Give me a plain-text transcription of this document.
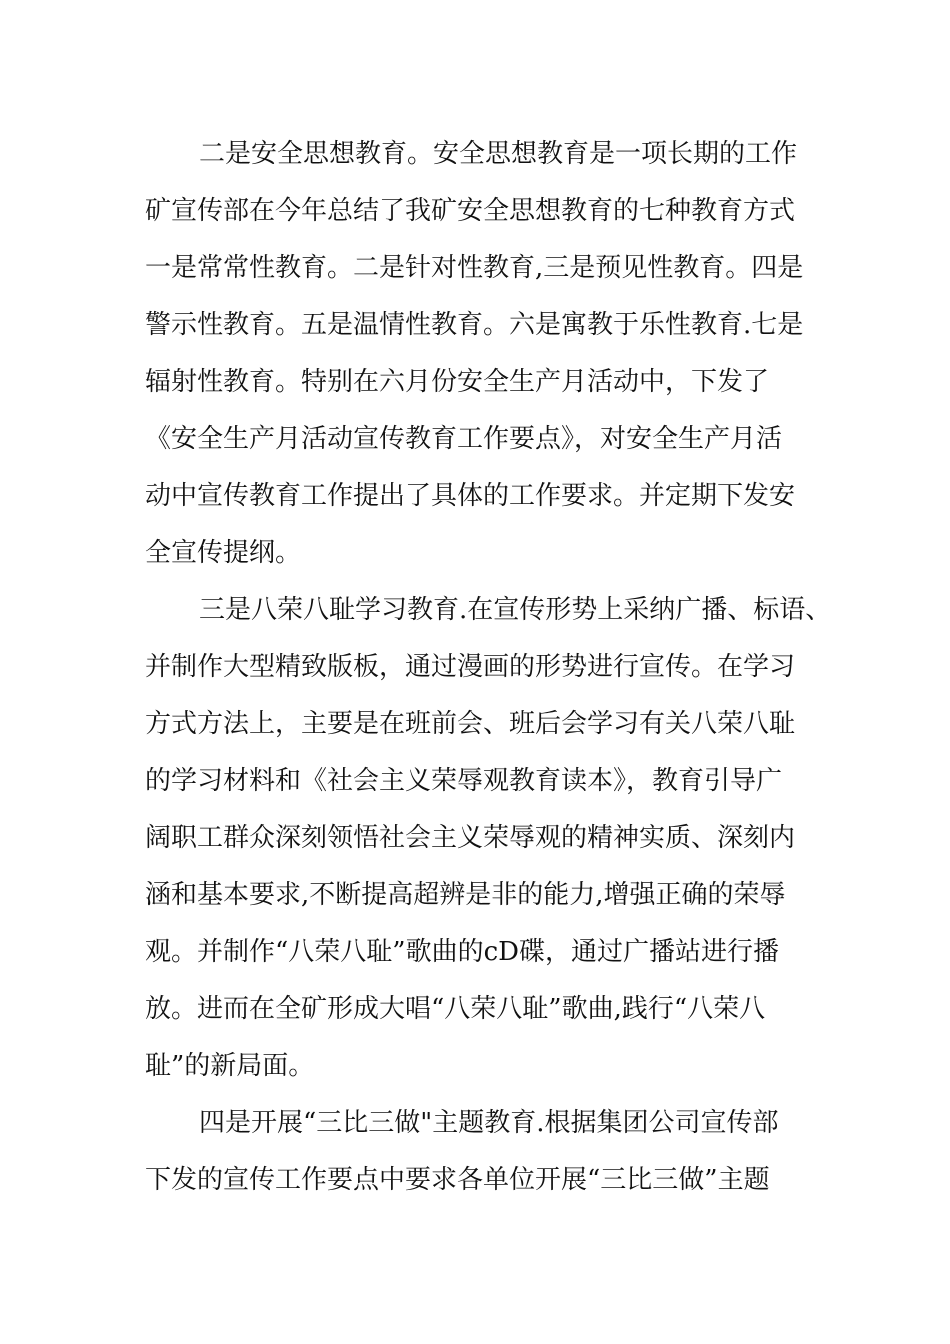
二是安全思想教育。安全思想教育是一项长期的工作
矿宣传部在今年总结了我矿安全思想教育的七种教育方式
一是常常性教育。二是针对性教育,三是预见性教育。四是
警示性教育。五是温情性教育。六是寓教于乐性教育.七是
辐射性教育。特别在六月份安全生产月活动中，下发了
《安全生产月活动宣传教育工作要点》，对安全生产月活
动中宣传教育工作提出了具体的工作要求。并定期下发安
全宣传提纲。
三是八荣八耻学习教育.在宣传形势上采纳广播、标语、
并制作大型精致版板，通过漫画的形势进行宣传。在学习
方式方法上，主要是在班前会、班后会学习有关八荣八耻
的学习材料和《社会主义荣辱观教育读本》，教育引导广
阔职工群众深刻领悟社会主义荣辱观的精神实质、深刻内
涵和基本要求,不断提高超辨是非的能力,增强正确的荣辱
观。并制作“八荣八耻”歌曲的cD碟，通过广播站进行播
放。进而在全矿形成大唱“八荣八耻”歌曲,践行“八荣八
耻”的新局面。
四是开展“三比三做"主题教育.根据集团公司宣传部
下发的宣传工作要点中要求各单位开展“三比三做”主题
